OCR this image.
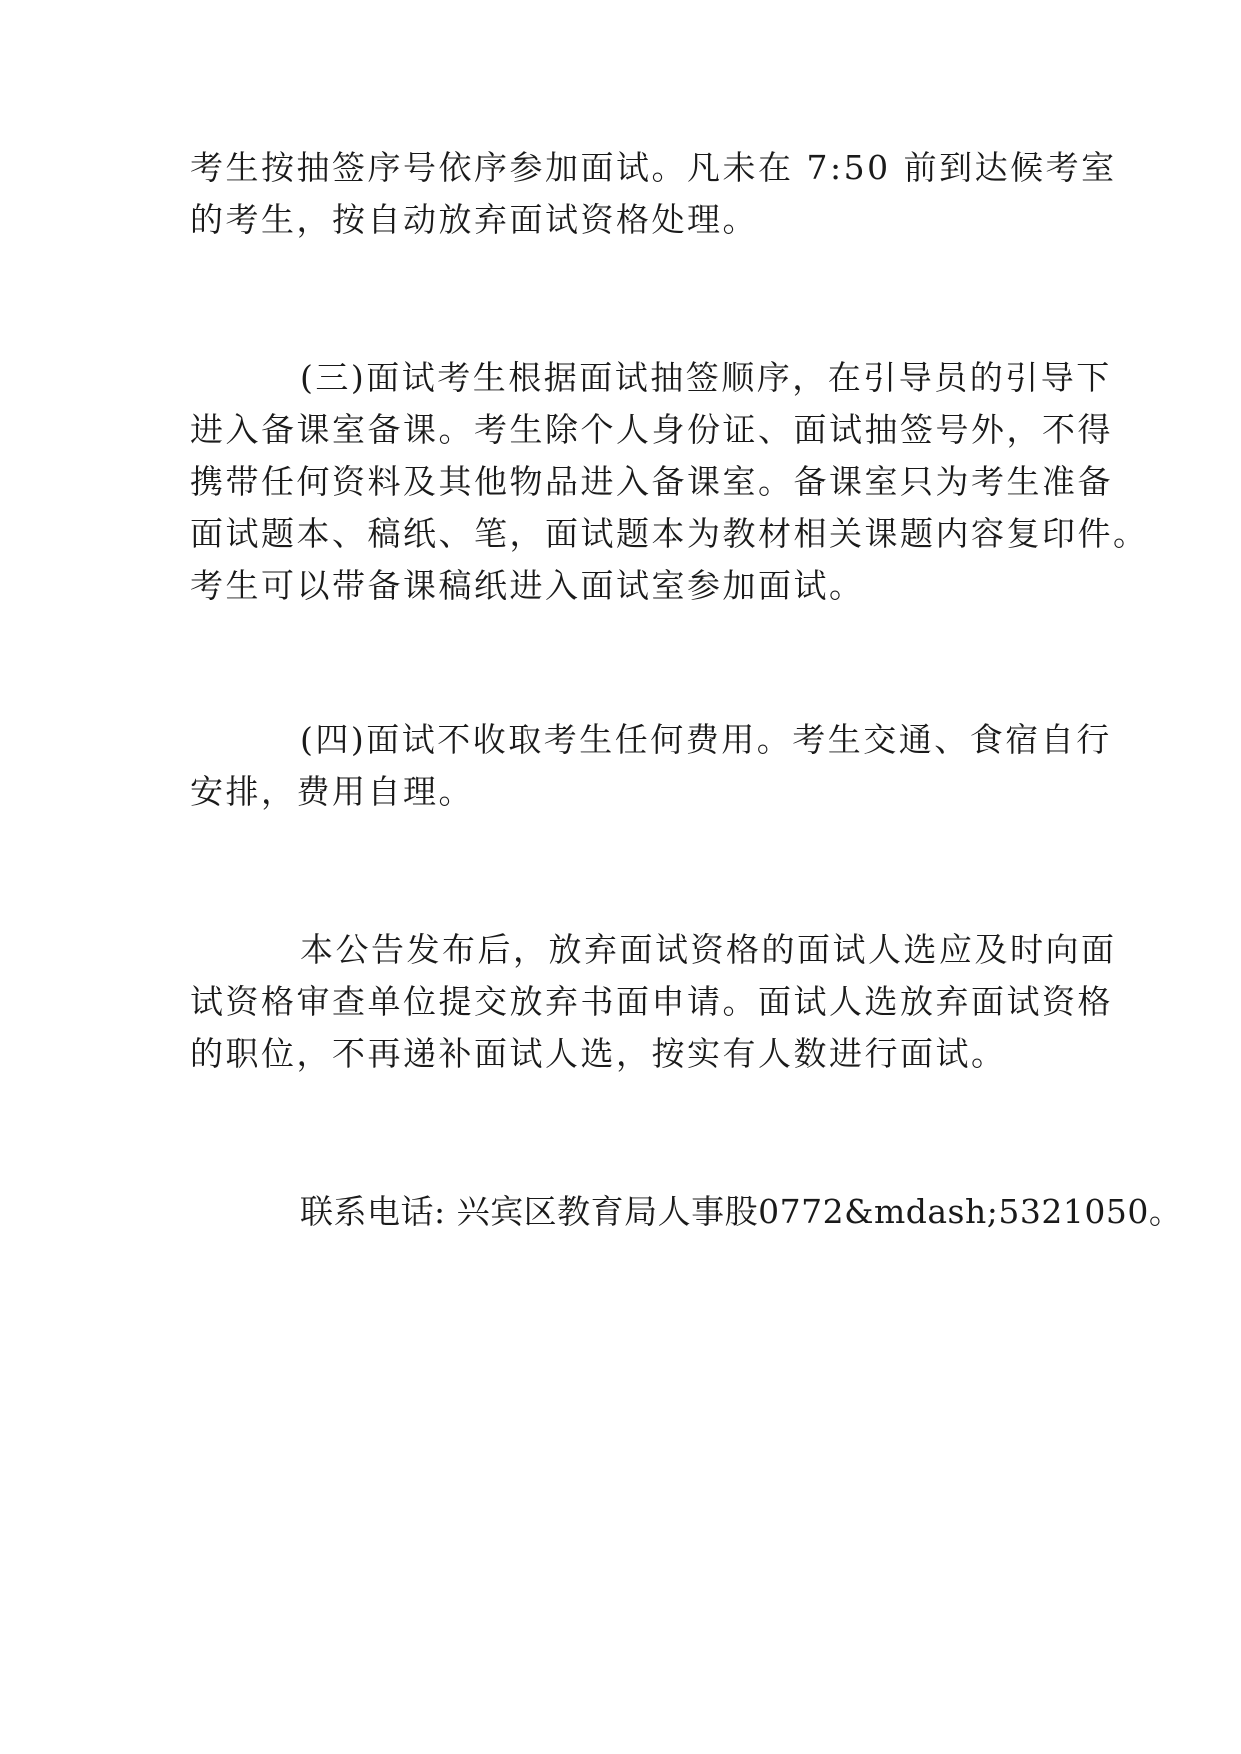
考生按抽签序号依序参加面试。凡未在 7:50 前到达候考室

的考生，按自动放弃面试资格处理。

(三)面试考生根据面试抽签顺序，在引导员的引导下

进入备课室备课。考生除个人身份证、面试抽签号外，不得

携带任何资料及其他物品进入备课室。备课室只为考生准备

面试题本、稿纸、笔，面试题本为教材相关课题内容复印件。

考生可以带备课稿纸进入面试室参加面试。

(四)面试不收取考生任何费用。考生交通、食宿自行

安排，费用自理。

本公告发布后，放弃面试资格的面试人选应及时向面

试资格审查单位提交放弃书面申请。面试人选放弃面试资格

的职位，不再递补面试人选，按实有人数进行面试。

联系电话: 兴宾区教育局人事股0772&mdash;5321050。
